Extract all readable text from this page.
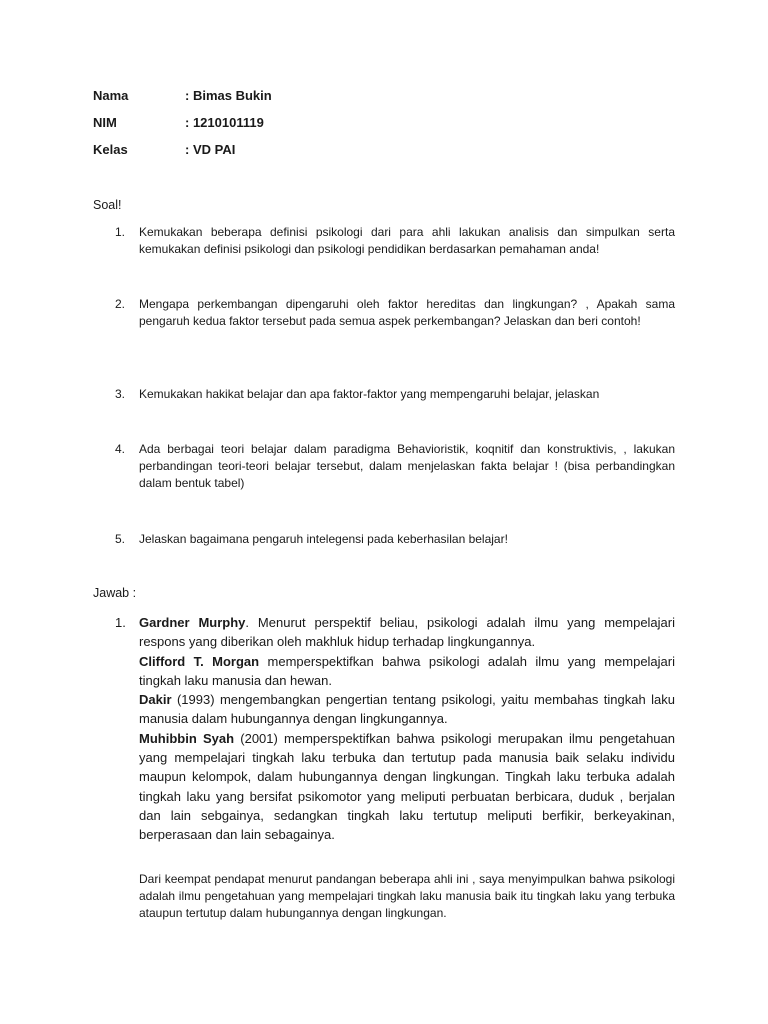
Nama	: Bimas Bukin
NIM	: 1210101119
Kelas	: VD PAI
Soal!
1. Kemukakan beberapa definisi psikologi dari para ahli lakukan analisis dan simpulkan serta kemukakan definisi psikologi dan psikologi pendidikan berdasarkan pemahaman anda!
2. Mengapa perkembangan dipengaruhi oleh faktor hereditas dan lingkungan? , Apakah sama pengaruh kedua faktor tersebut pada semua aspek perkembangan? Jelaskan dan beri contoh!
3. Kemukakan hakikat belajar dan apa faktor-faktor yang mempengaruhi belajar, jelaskan
4. Ada berbagai teori belajar dalam paradigma Behavioristik, koqnitif dan konstruktivis, , lakukan perbandingan teori-teori belajar tersebut, dalam menjelaskan fakta belajar ! (bisa perbandingkan dalam bentuk tabel)
5. Jelaskan bagaimana pengaruh intelegensi pada keberhasilan belajar!
Jawab :
1. Gardner Murphy. Menurut perspektif beliau, psikologi adalah ilmu yang mempelajari respons yang diberikan oleh makhluk hidup terhadap lingkungannya.

Clifford T. Morgan memperspektifkan bahwa psikologi adalah ilmu yang mempelajari tingkah laku manusia dan hewan.

Dakir (1993) mengembangkan pengertian tentang psikologi, yaitu membahas tingkah laku manusia dalam hubungannya dengan lingkungannya.

Muhibbin Syah (2001) memperspektifkan bahwa psikologi merupakan ilmu pengetahuan yang mempelajari tingkah laku terbuka dan tertutup pada manusia baik selaku individu maupun kelompok, dalam hubungannya dengan lingkungan. Tingkah laku terbuka adalah tingkah laku yang bersifat psikomotor yang meliputi perbuatan berbicara, duduk , berjalan dan lain sebgainya, sedangkan tingkah laku tertutup meliputi berfikir, berkeyakinan, berperasaan dan lain sebagainya.

Dari keempat pendapat menurut pandangan beberapa ahli ini , saya menyimpulkan bahwa psikologi adalah ilmu pengetahuan yang mempelajari tingkah laku manusia baik itu tingkah laku yang terbuka ataupun tertutup dalam hubungannya dengan lingkungan.
